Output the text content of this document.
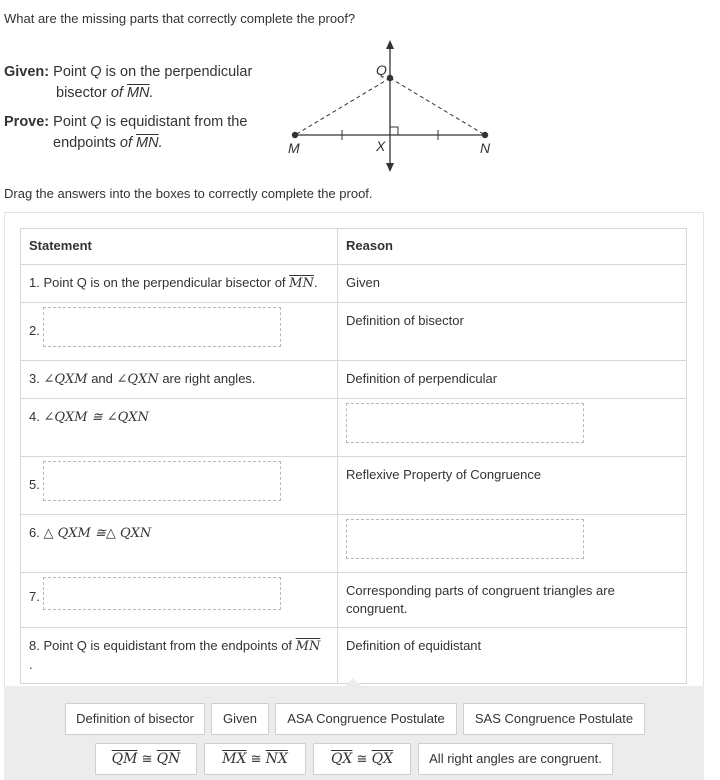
What are the missing parts that correctly complete the proof?
Given: Point Q is on the perpendicular
bisector of $\overline{MN}$.
Prove: Point Q is equidistant from the
endpoints of $\overline{MN}$.
Q
M	X	N
Drag the answers into the boxes to correctly complete the proof.
Statement	Reason

1. Point Q is on the perpendicular bisector of $\overline{MN}$.	Given

2.	Definition of bisector

3. ∠QXM and ∠QXN are right angles.	Definition of perpendicular

4. ∠QXM ≅ ∠QXN	

5.	Reflexive Property of Congruence

6. △ QXM ≅△ QXN	

7.	Corresponding parts of congruent triangles are congruent.

8. Point Q is equidistant from the endpoints of $\overline{MN}$
.	Definition of equidistant
Definition of bisector	Given	ASA Congruence Postulate	SAS Congruence Postulate
$\overline{QM}$ ≅ $\overline{QN}$	$\overline{MX}$ ≅ $\overline{NX}$	$\overline{QX}$ ≅ $\overline{QX}$	All right angles are congruent.
